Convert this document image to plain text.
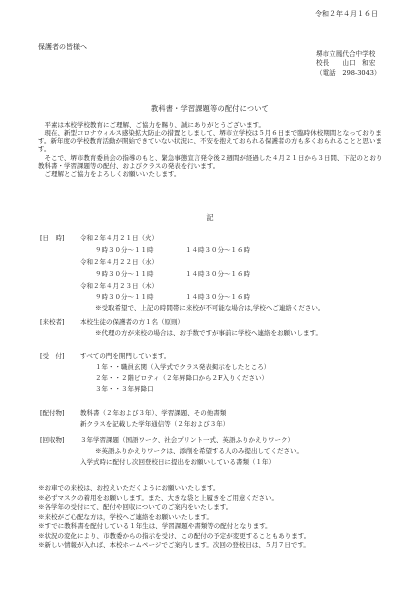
令和２年４月１６日
保護者の皆様へ
堺市立鳳代合中学校
校長　　山口　和宏
（電話　298-3043）
教科書・学習課題等の配付について

　平素は本校学校教育にご理解、ご協力を賜り、誠にありがとうございます。

　現在、新型コロナウィルス感染拡大防止の措置としまして、堺市立学校は５月６日まで臨時休校期間となっております。新年度の学校教育活動が開始できていない状況に、不安を抱えておられる保護者の方も多くおられることと思います。

　そこで、堺市教育委員会の指導のもと、緊急事態宣言発令後２週間が経過した４月２１日から３日間、下記のとおり教科書・学習課題等の配付、およびクラスの発表を行います。

　ご理解とご協力をよろしくお願いいたします。

記
[日　時] 令和２年４月２１日（火）
９時３０分～１１時	１４時３０分～１６時
令和２年４月２２日（水）
９時３０分～１１時	１４時３０分～１６時
令和２年４月２３日（木）
９時３０分～１１時	１４時３０分～１６時
※受取希望で、上記の時間帯に来校が不可能な場合は,学校へご連絡ください。
[来校者] 本校生徒の保護者の方１名（原則）
※代理の方が来校の場合は、お手数ですが事前に学校へ連絡をお願いします。
[受　付] すべての門を開門しています。
１年・・職員玄関（入学式でクラス発表掲示をしたところ）
２年・・２階ピロティ（２年昇降口から２F入りください）
３年・・３年昇降口
[配付物] 教科書（２年および３年）、学習課題、その他書類
新クラスを記載した学年通信等（２年および３年）
[回収物] ３年学習課題（国語ワーク、社会プリント一式、英語ふりかえりワーク）
※英語ふりかえりワークは、添削を希望する人のみ提出してください。
入学式時に配付し次回登校日に提出をお願いしている書類（１年）
※お車での来校は、お控えいただくようにお願いいたします。
※必ずマスクの着用をお願いします。また、大きな袋と上履きをご用意ください。
※各学年の受付にて、配付や回収についてのご案内をいたします。
※来校がご心配な方は，学校へご連絡をお願いいたします。
※すでに教科書を配付している１年生は、学習課題や書類等の配付となります。
※状況の変化により、市教委からの指示を受け、この配付の予定が変更することもあります。
※新しい情報が入れば、本校ホームページでご案内します。次回の登校日は、５月７日です。
